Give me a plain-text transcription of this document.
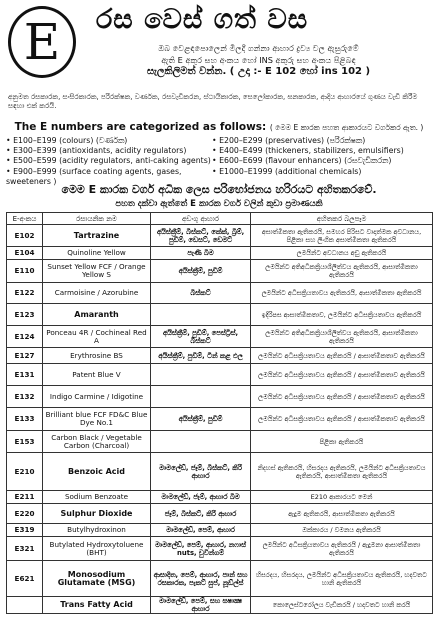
E රස වෙස් ගත් වස
ඔබ වෙළඳපොලෙන් මිලදී ගන්නා ආහාර ද්‍රව්‍ය වල ඇසුරුමේ
ඇති E අකුර සහ අංකය හෝ INS අකුරු සහ අංකය පිළිබඳ
සැලකිලිමත් වන්න. ( උදා :- E 102 හෝ ins 102 )
අනුමත රසකාරක, සංසිරකාරක, පරිරක්ෂක, වර්ණක, රසවැඩිකරන, ස්ථායීකාරක, සෙලෝකාරක, ඝනකාරක, ආදිය ආහාරයේ ගුණය වැඩි කිරීම සඳහා එක් කරයි.
The E numbers are categorized as follows: ( මෙම E කාරක පහත ආකාරයට වර්ගකර ඇත. )
• E100–E199 (colours) (වර්ණක)
• E300–E399 (antioxidants, acidity regulators)
• E500–E599 (acidity regulators, anti-caking agents)
• E900–E999 (surface coating agents, gases, sweeteners )
• E200–E299 (preservatives) (පරිරක්ෂක)
• E400–E499 (thickeners, stabilizers, emulsifiers)
• E600–E699 (flavour enhancers) (රසවැඩිකරන)
• E1000–E1999 (additional chemicals)
මෙම E කාරක වර්ග අධික ලෙස පරිභෝජනය හරිරයට අහිතකරවේ.
පහත දක්වා ඇත්තේ E කාරක වර්ග වලින් කුඩා ප්‍රමාණයකි
E-අංකය	රසායනික නම	අඩංගු ආහාර	අහිතකර බලපෑම
E102	Tartrazine	අයිස්ක්‍රීම්, බිස්කට්, කේක්, බ්‍රීම්, පුඩිම්, ඩෙසට්, ඩෙමට්	අසාත්මිකතා ඇතිකරයි, සමහර පිරිසට වාදාත්මක අවධානය, පිළිකා සහ ලිංගික අසාත්මිකතා ඇතිකරයි
E104	Quinoline Yellow	පැණි බීම	ලමයින්ට අවධානය අඩු ඇතිකරයි
E110	Sunset Yellow FCF / Orange Yellow S	අයිස්ක්‍රීම්, පුඩිම්	ලමයින්ට අතිඅධිකක්‍රියාශීලිත්වය ඇතිකරයි, ආසාත්මිකතා ඇතිකරයි
E122	Carmoisine / Azorubine	බිස්කට්	ලමයින්ට අධිසක්‍රියතාවය ඇතිකරයි, ආසාත්මිකතා ඇතිකරයි
E123	Amaranth		ඉදිරිපස ආසාත්මිකතාව, ලමයින්ට අධිසක්‍රියතාවය ඇතිකරයි
E124	Ponceau 4R / Cochineal Red A	අයිස්ක්‍රීම්, පුඩිම්, පෙස්ට්‍රීස්, බිස්කට්	ලමයින්ට අතිඅධිකක්‍රියාශීලිත්වය ඇතිකරයි, ආසාත්මිකතා ඇතිකරයි
E127	Erythrosine BS	අයිස්ක්‍රීම්, පුඩිම්, ටින් කළ ඵල	ලමයින්ට අධිසක්‍රියතාවය ඇතිකරයි / ආසාත්මිකතාව ඇතිකරයි
E131	Patent Blue V		ලමයින්ට අධිසක්‍රියතාවය ඇතිකරයි / ආසාත්මිකතාව ඇතිකරයි
E132	Indigo Carmine / Idigotine		ලමයින්ට අධිසක්‍රියතාවය ඇතිකරයි / ආසාත්මිකතාව ඇතිකරයි
E133	Brilliant blue FCF FD&C Blue Dye No.1	අයිස්ක්‍රීම්, පුඩිම්	ලමයින්ට අධිසක්‍රියතාවය ඇතිකරයි / ආසාත්මිකතාව ඇතිකරයි
E153	Carbon Black / Vegetable Carbon (Charcoal)		පිළිකා ඇතිකරයි
E210	Benzoic Acid	මාමලේඩ්, ජෑම්, බිස්කට්, කිරි ආහාර	නිදහස් ඇතිකරයි, හිසරදය ඇතිකරයි, ලමයින්ට අධිසක්‍රියතාවය ඇතිකරයි, ආසාත්මිකතා ඇතිකරයි
E211	Sodium Benzoate	මාමලේඩ්, ජෑම්, ආහාර බීම	E210 ආකාරයට මෙන්
E220	Sulphur Dioxide	ජෑම්, බිස්කට්, කිරි ආහාර	ඇදුම ඇතිකරයි, ආසාත්මිකතා ඇතිකරයි
E319	Butylhydroxinon	මාමලේඩ්, පෙම්, ආහාර	ඔක්කාරය / වමනය ඇතිකරයි
E321	Butylated Hydroxytoluene (BHT)	මාමලේඩ්, පෙම්, ආහාර, නෆාස් nuts, චුවින්ගම්	ලමයින්ට අධිසක්‍රියතාවය ඇතිකරයි / ඇදුමනා ආසාත්මිකතා ඇතිකරයි
E621	Monosodium Glutamate (MSG)	ආසාදිත, පෙම්, ආහාර, පාන් සහ රසකාරක, පැකට් සුප්, නූඩ්ල්ස්	හිසරදය, හිසරදය, ලමයින්ට අධිසක්‍රියතාවය ඇතිකරයි, හදවතට හානි ඇතිකරයි
	Trans Fatty Acid	මාමලේඩ්, පෙම්, සහ ඝෂාක්‍ෂ ආහාර	කොලෙස්ටරෝලය වැඩිකරයි / හදවතට හානි කරයි
